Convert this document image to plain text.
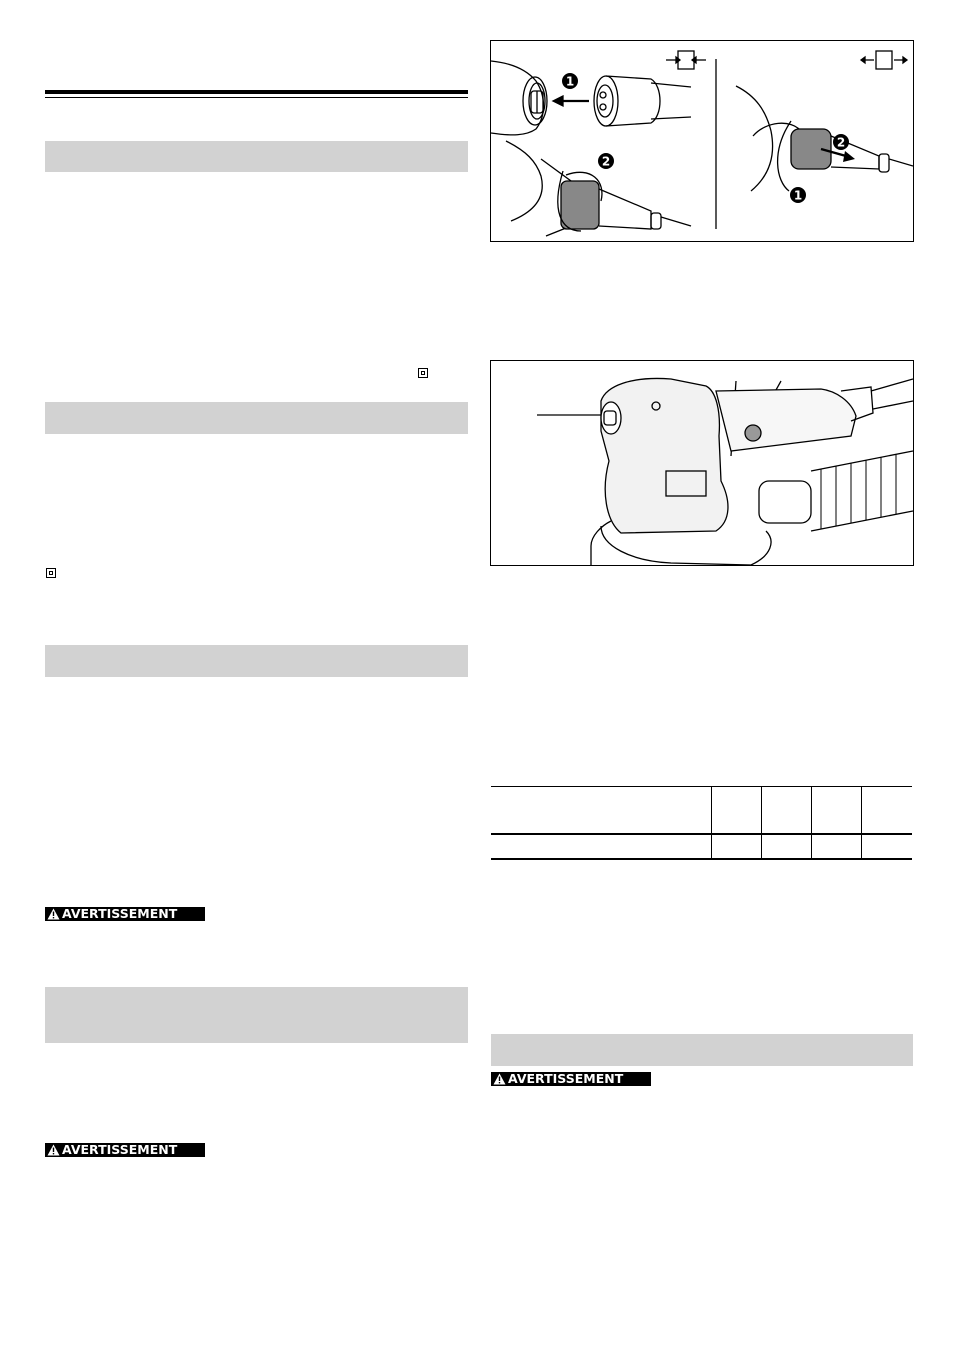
AVERTISSEMENT
AVERTISSEMENT
1
2
2
1
AVERTISSEMENT
